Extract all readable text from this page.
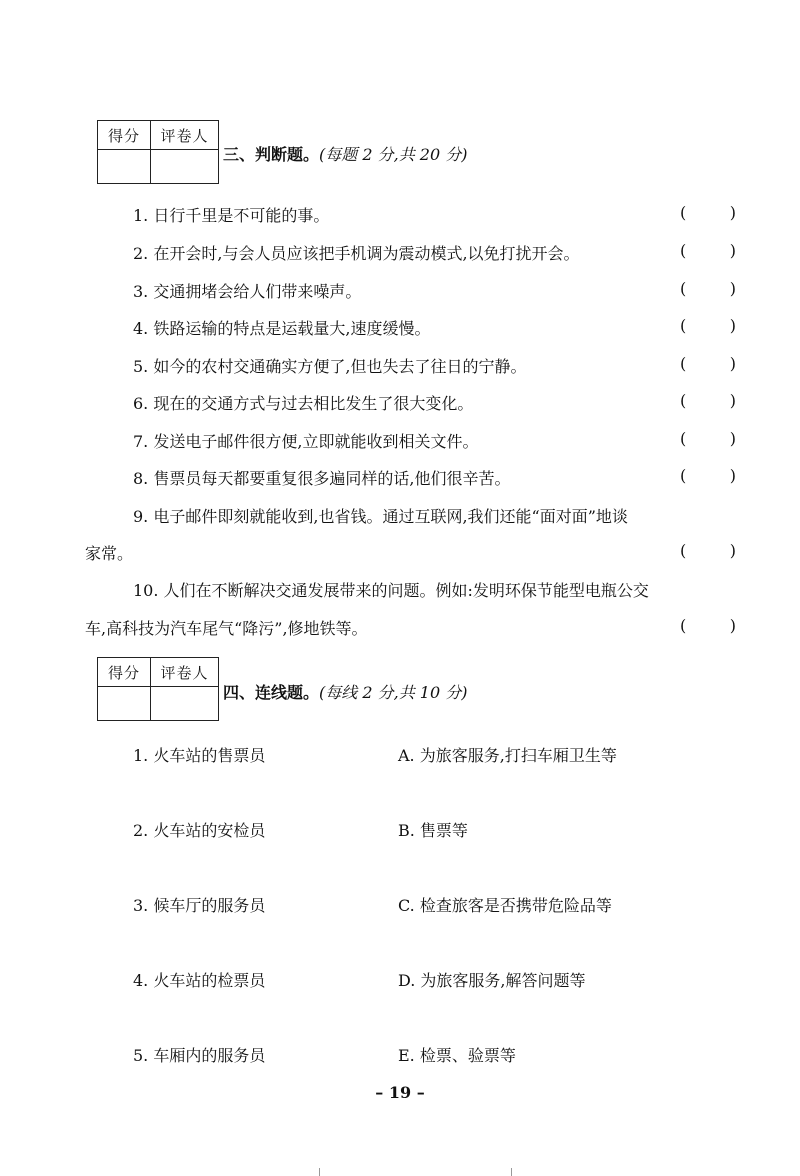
得分	评卷人
三、判断题。(每题 2 分,共 20 分)
1. 日行千里是不可能的事。	(	)
2. 在开会时,与会人员应该把手机调为震动模式,以免打扰开会。	(	)
3. 交通拥堵会给人们带来噪声。	(	)
4. 铁路运输的特点是运载量大,速度缓慢。	(	)
5. 如今的农村交通确实方便了,但也失去了往日的宁静。	(	)
6. 现在的交通方式与过去相比发生了很大变化。	(	)
7. 发送电子邮件很方便,立即就能收到相关文件。	(	)
8. 售票员每天都要重复很多遍同样的话,他们很辛苦。	(	)
9. 电子邮件即刻就能收到,也省钱。通过互联网,我们还能“面对面”地谈
家常。	(	)
10. 人们在不断解决交通发展带来的问题。例如:发明环保节能型电瓶公交
车,高科技为汽车尾气“降污”,修地铁等。	(	)
得分	评卷人
四、连线题。(每线 2 分,共 10 分)
1. 火车站的售票员	A. 为旅客服务,打扫车厢卫生等
2. 火车站的安检员	B. 售票等
3. 候车厅的服务员	C. 检查旅客是否携带危险品等
4. 火车站的检票员	D. 为旅客服务,解答问题等
5. 车厢内的服务员	E. 检票、验票等
– 19 –
